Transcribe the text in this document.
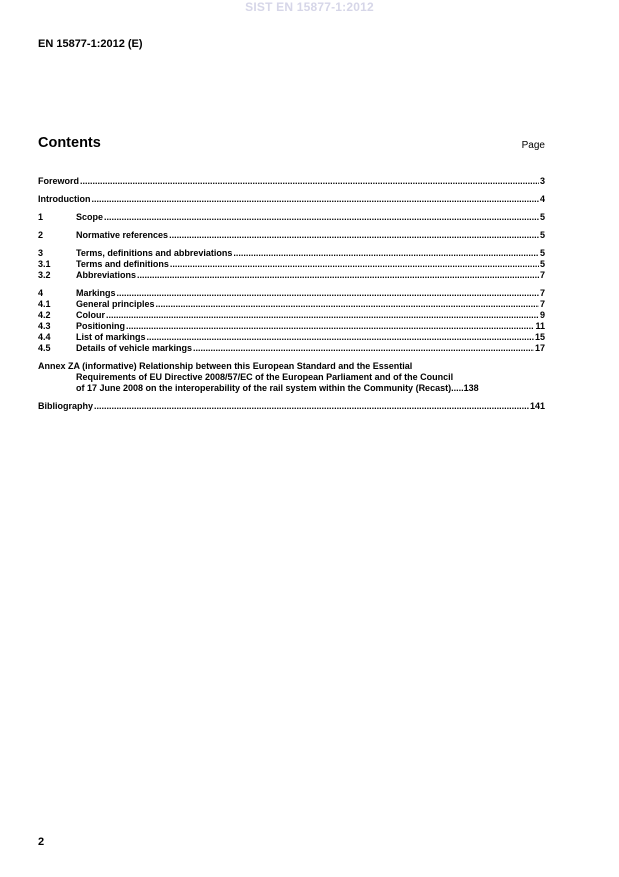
SIST EN 15877-1:2012
EN 15877-1:2012 (E)
Contents	Page
Foreword .....	3
Introduction .....	4
1	Scope .....	5
2	Normative references .....	5
3	Terms, definitions and abbreviations .....	5
3.1	Terms and definitions .....	5
3.2	Abbreviations .....	7
4	Markings .....	7
4.1	General principles .....	7
4.2	Colour .....	9
4.3	Positioning .....	11
4.4	List of markings .....	15
4.5	Details of vehicle markings .....	17
Annex ZA (informative) Relationship between this European Standard and the Essential
Requirements of EU Directive 2008/57/EC of the European Parliament and of the Council
of 17 June 2008 on the interoperability of the rail system within the Community (Recast) ..... 138
Bibliography .....	141
2
